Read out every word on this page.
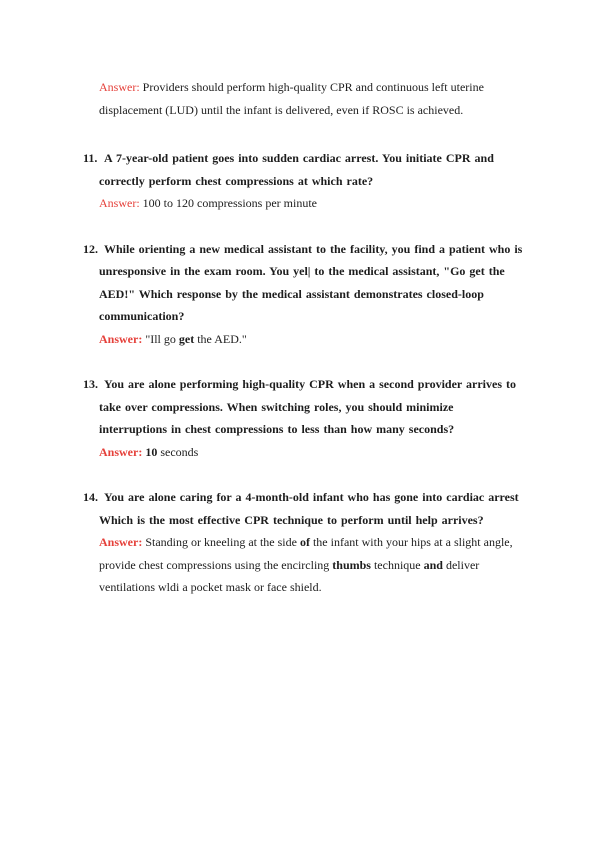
Answer: Providers should perform high-quality CPR and continuous left uterine
displacement (LUD) until the infant is delivered, even if ROSC is achieved.
11. A 7-year-old patient goes into sudden cardiac arrest. You initiate CPR and
correctly perform chest compressions at which rate?
Answer: 100 to 120 compressions per minute
12. While orienting a new medical assistant to the facility, you find a patient who is
unresponsive in the exam room. You yel| to the medical assistant, "Go get the
AED!" Which response by the medical assistant demonstrates closed-loop
communication?
Answer: "Ill go get the AED."
13. You are alone performing high-quality CPR when a second provider arrives to
take over compressions. When switching roles, you should minimize
interruptions in chest compressions to less than how many seconds?
Answer: 10 seconds
14. You are alone caring for a 4-month-old infant who has gone into cardiac arrest
Which is the most effective CPR technique to perform until help arrives?
Answer: Standing or kneeling at the side of the infant with your hips at a slight angle,
provide chest compressions using the encircling thumbs technique and deliver
ventilations wldi a pocket mask or face shield.
